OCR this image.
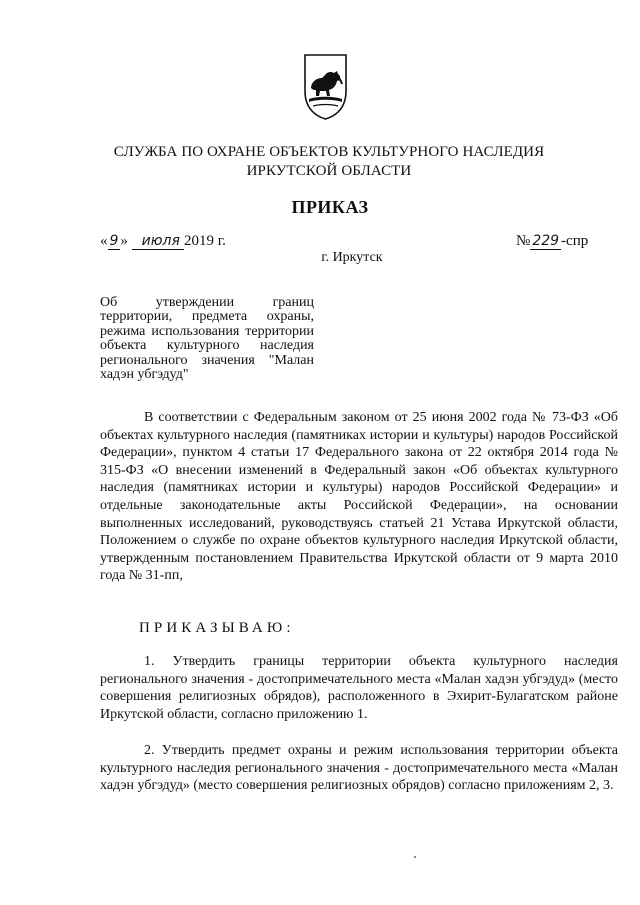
СЛУЖБА ПО ОХРАНЕ ОБЪЕКТОВ КУЛЬТУРНОГО НАСЛЕДИЯ
ИРКУТСКОЙ ОБЛАСТИ
ПРИКАЗ
« 9 » июля 2019 г.	№ 229 -спр
г. Иркутск
Об утверждении границ территории, предмета охраны, режима использования территории объекта культурного наследия регионального значения "Малан хадэн убгэдуд"

В соответствии с Федеральным законом от 25 июня 2002 года № 73-ФЗ «Об объектах культурного наследия (памятниках истории и культуры) народов Российской Федерации», пунктом 4 статьи 17 Федерального закона от 22 октября 2014 года № 315-ФЗ «О внесении изменений в Федеральный закон «Об объектах культурного наследия (памятниках истории и культуры) народов Российской Федерации» и отдельные законодательные акты Российской Федерации», на основании выполненных исследований, руководствуясь статьей 21 Устава Иркутской области, Положением о службе по охране объектов культурного наследия Иркутской области, утвержденным постановлением Правительства Иркутской области от 9 марта 2010 года № 31-пп,

ПРИКАЗЫВАЮ:

1. Утвердить границы территории объекта культурного наследия регионального значения - достопримечательного места «Малан хадэн убгэдуд» (место совершения религиозных обрядов), расположенного в Эхирит-Булагатском районе Иркутской области, согласно приложению 1.

2. Утвердить предмет охраны и режим использования территории объекта культурного наследия регионального значения - достопримечательного места «Малан хадэн убгэдуд» (место совершения религиозных обрядов) согласно приложениям 2, 3.
